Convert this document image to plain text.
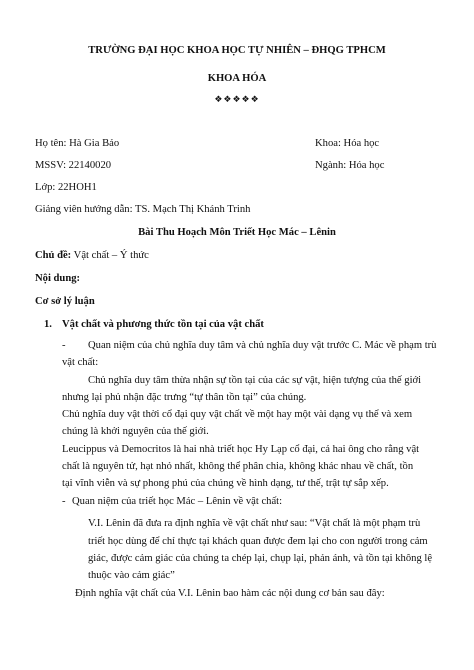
TRƯỜNG ĐẠI HỌC KHOA HỌC TỰ NHIÊN – ĐHQG TPHCM
KHOA HÓA
❖❖❖❖❖
Họ tên: Hà Gia Bảo	Khoa: Hóa học
MSSV: 22140020	Ngành: Hóa học
Lớp: 22HOH1
Giảng viên hướng dẫn: TS. Mạch Thị Khánh Trinh
Bài Thu Hoạch Môn Triết Học Mác – Lênin
Chủ đề: Vật chất – Ý thức
Nội dung:
Cơ sở lý luận
1. Vật chất và phương thức tồn tại của vật chất
- Quan niệm của chủ nghĩa duy tâm và chủ nghĩa duy vật trước C. Mác về phạm trù
vật chất:
Chủ nghĩa duy tâm thừa nhận sự tồn tại của các sự vật, hiện tượng của thế giới
nhưng lại phủ nhận đặc trưng “tự thân tồn tại” của chúng.
Chủ nghĩa duy vật thời cổ đại quy vật chất về một hay một vài dạng vụ thể và xem
chúng là khởi nguyên của thế giới.
Leucippus và Democritos là hai nhà triết học Hy Lạp cổ đại, cả hai ông cho rằng vật
chất là nguyên tử, hạt nhỏ nhất, không thể phân chia, không khác nhau về chất, tồn
tại vĩnh viễn và sự phong phú của chúng về hình dạng, tư thế, trật tự sắp xếp.
- Quan niệm của triết học Mác – Lênin về vật chất:
V.I. Lênin đã đưa ra định nghĩa về vật chất như sau: “Vật chất là một phạm trù
triết học dùng để chỉ thực tại khách quan được đem lại cho con người trong cảm
giác, được cảm giác của chúng ta chép lại, chụp lại, phản ánh, và tồn tại không lệ
thuộc vào cảm giác”
Định nghĩa vật chất của V.I. Lênin bao hàm các nội dung cơ bản sau đây:
